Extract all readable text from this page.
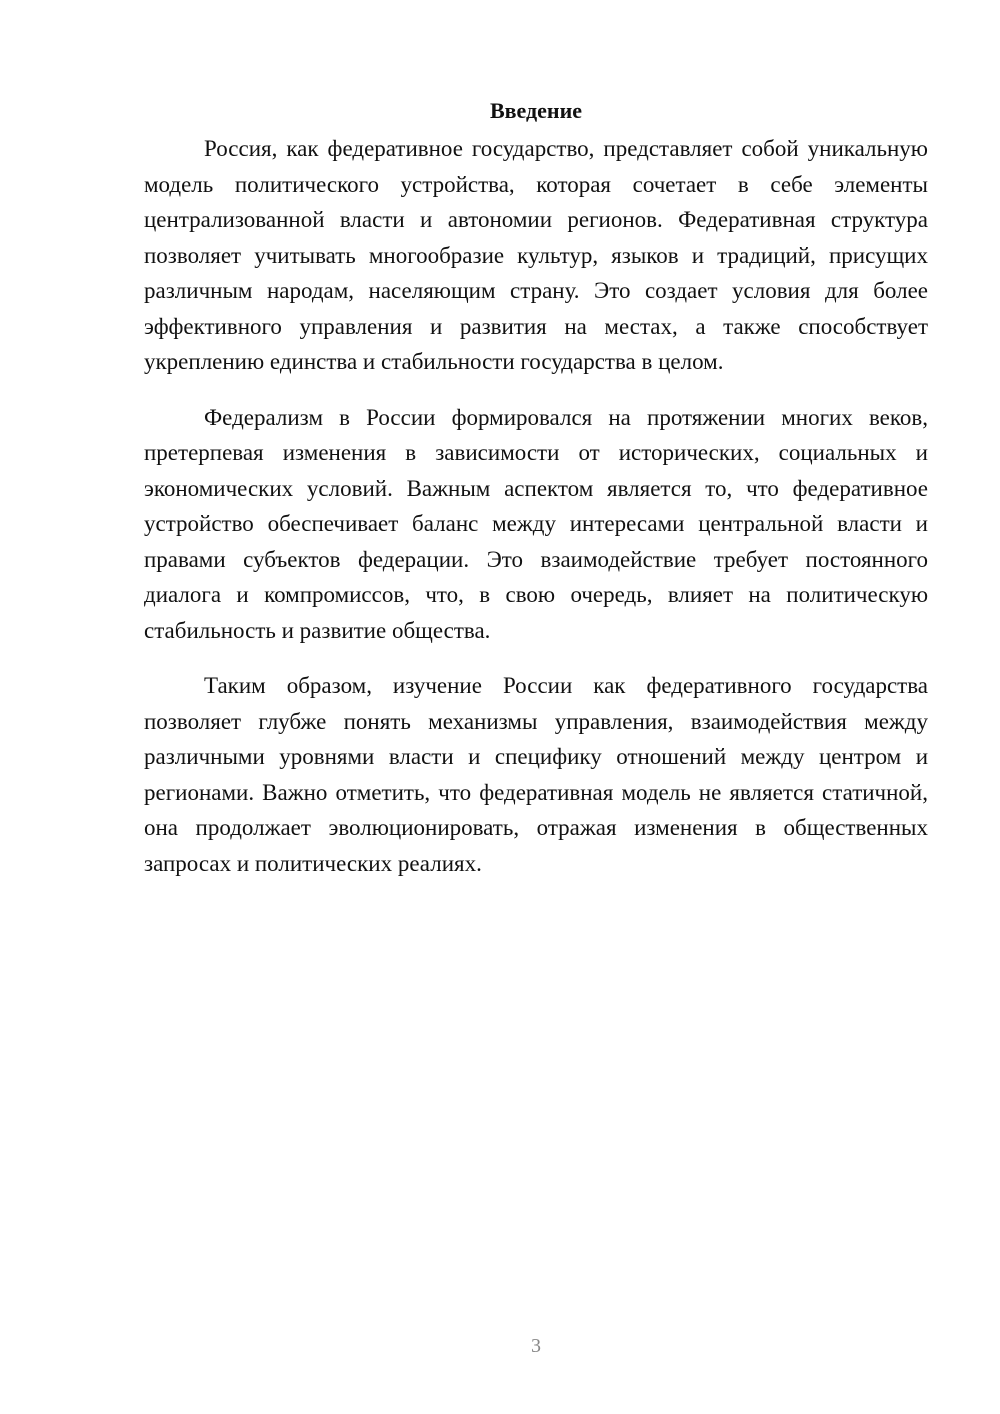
Введение

Россия, как федеративное государство, представляет собой уникальную модель политического устройства, которая сочетает в себе элементы централизованной власти и автономии регионов. Федеративная структура позволяет учитывать многообразие культур, языков и традиций, присущих различным народам, населяющим страну. Это создает условия для более эффективного управления и развития на местах, а также способствует укреплению единства и стабильности государства в целом.

Федерализм в России формировался на протяжении многих веков, претерпевая изменения в зависимости от исторических, социальных и экономических условий. Важным аспектом является то, что федеративное устройство обеспечивает баланс между интересами центральной власти и правами субъектов федерации. Это взаимодействие требует постоянного диалога и компромиссов, что, в свою очередь, влияет на политическую стабильность и развитие общества.

Таким образом, изучение России как федеративного государства позволяет глубже понять механизмы управления, взаимодействия между различными уровнями власти и специфику отношений между центром и регионами. Важно отметить, что федеративная модель не является статичной, она продолжает эволюционировать, отражая изменения в общественных запросах и политических реалиях.

3
